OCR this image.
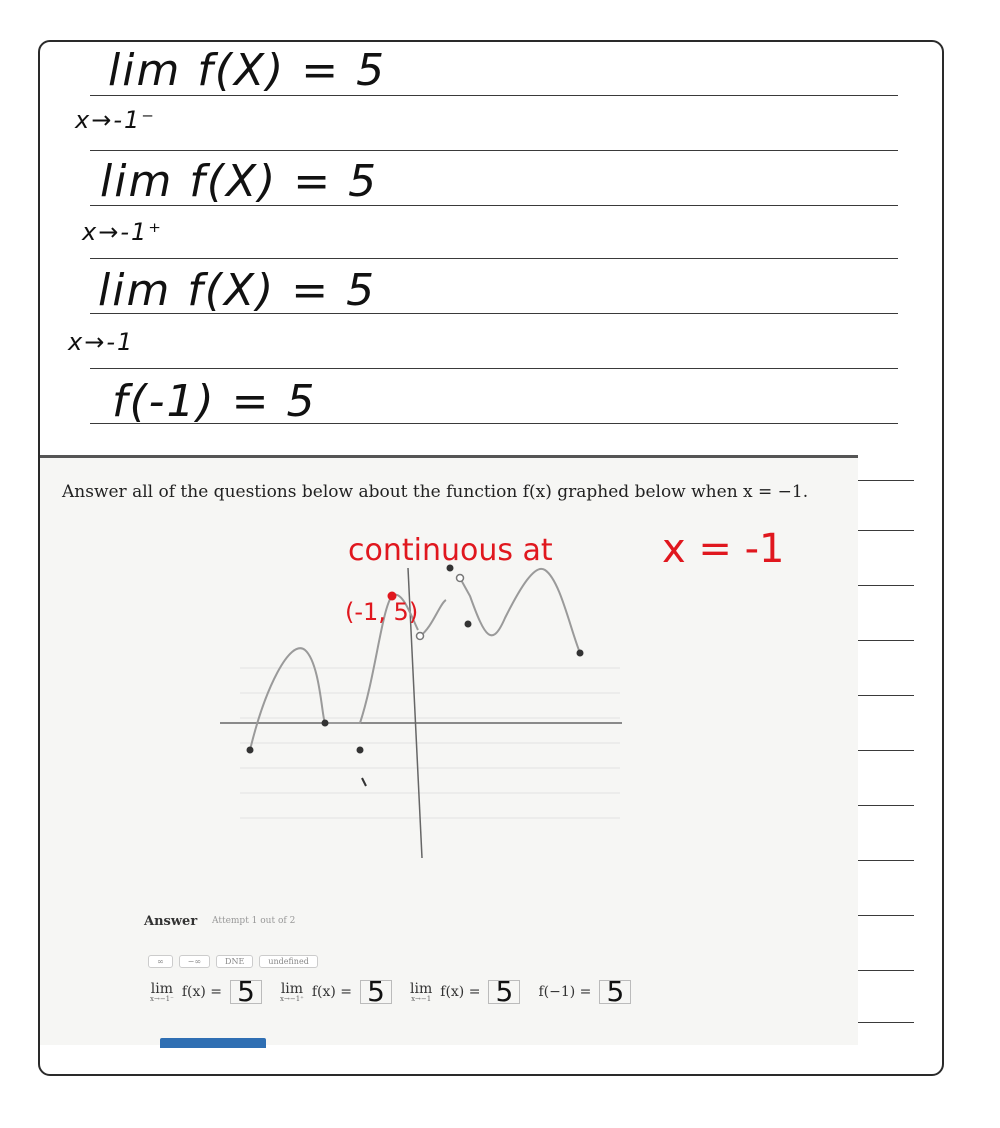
lim f(X) = 5
x→-1⁻
lim f(X) = 5
x→-1⁺
lim f(X) = 5
x→-1
f(-1) = 5
Answer all of the questions below about the function f(x) graphed below when x = −1.
continuous at	x = -1
(-1, 5)
Answer Attempt 1 out of 2
∞	−∞	DNE	undefined
lim
x→−1⁻ f(x) = 5	lim
x→−1⁺ f(x) = 5	lim
x→−1 f(x) = 5	f(−1) = 5
